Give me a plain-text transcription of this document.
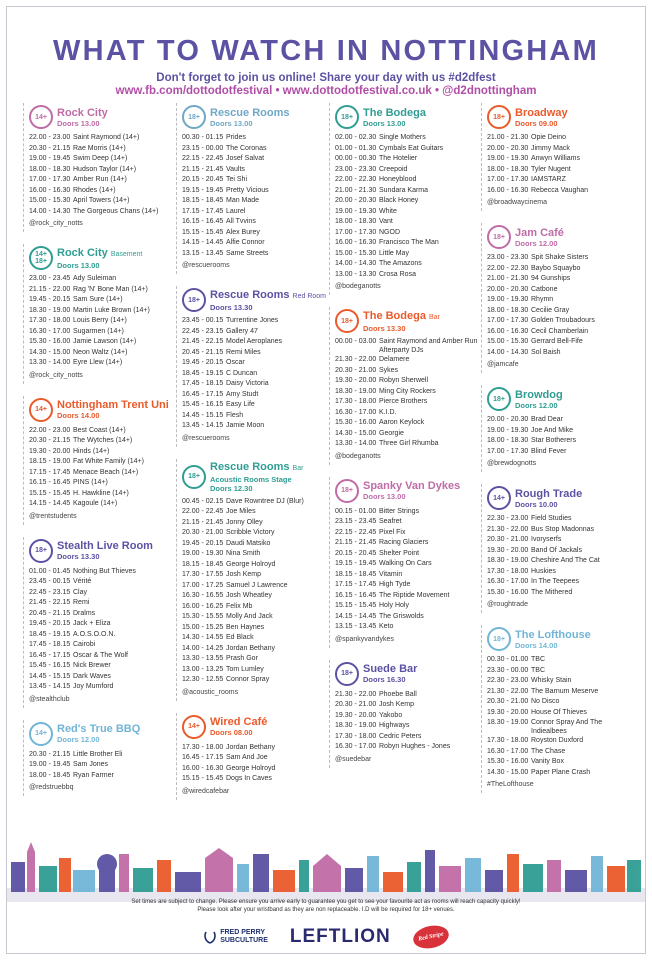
WHAT TO WATCH IN NOTTINGHAM
Don't forget to join us online! Share your day with us #d2dfest
www.fb.com/dottodotfestival • www.dottodotfestival.co.uk • @d2dnottingham
14+ Rock City
Doors 13.00
22.00 - 23.00 Saint Raymond (14+)
20.30 - 21.15 Rae Morris (14+)
19.00 - 19.45 Swim Deep (14+)
18.00 - 18.30 Hudson Taylor (14+)
17.00 - 17.30 Amber Run (14+)
16.00 - 16.30 Rhodes (14+)
15.00 - 15.30 April Towers (14+)
14.00 - 14.30 The Gorgeous Chans (14+)
@rock_city_notts
14+
18+
Rock City Basement
Doors 13.00
23.00 - 23.45 Ady Suleiman
21.15 - 22.00 Rag 'N' Bone Man (14+)
19.45 - 20.15 Sam Sure (14+)
18.30 - 19.00 Martin Luke Brown (14+)
17.30 - 18.00 Louis Berry (14+)
16.30 - 17.00 Sugarmen (14+)
15.30 - 16.00 Jamie Lawson (14+)
14.30 - 15.00 Neon Waltz (14+)
13.30 - 14.00 Eyre Llew (14+)
@rock_city_notts
14+ Nottingham Trent Uni
Doors 14.00
22.00 - 23.00 Best Coast (14+)
20.30 - 21.15 The Wytches (14+)
19.30 - 20.00 Hinds (14+)
18.15 - 19.00 Fat White Family (14+)
17.15 - 17.45 Menace Beach (14+)
16.15 - 16.45 PINS (14+)
15.15 - 15.45 H. Hawkline (14+)
14.15 - 14.45 Kagoule (14+)
@trentstudents
18+ Stealth Live Room
Doors 13.30
01.00 - 01.45 Nothing But Thieves
23.45 - 00.15 Vérité
22.45 - 23.15 Clay
21.45 - 22.15 Remi
20.45 - 21.15 Dralms
19.45 - 20.15 Jack + Eliza
18.45 - 19.15 A.O.S.O.O.N.
17.45 - 18.15 Cairobi
16.45 - 17.15 Oscar & The Wolf
15.45 - 16.15 Nick Brewer
14.45 - 15.15 Dark Waves
13.45 - 14.15 Joy Mumford
@stealthclub
14+ Red's True BBQ
Doors 12.00
20.30 - 21.15 Little Brother Eli
19.00 - 19.45 Sam Jones
18.00 - 18.45 Ryan Farmer
@redstruebbq
18+ Rescue Rooms
Doors 13.00
00.30 - 01.15 Prides
23.15 - 00.00 The Coronas
22.15 - 22.45 Josef Salvat
21.15 - 21.45 Vaults
20.15 - 20.45 Tei Shi
19.15 - 19.45 Pretty Vicious
18.15 - 18.45 Man Made
17.15 - 17.45 Laurel
16.15 - 16.45 All Tvvins
15.15 - 15.45 Alex Burey
14.15 - 14.45 Alfie Connor
13.15 - 13.45 Same Streets
@rescuerooms
18+ Rescue Rooms Red Room
Doors 13.30
23.45 - 00.15 Turrentine Jones
22.45 - 23.15 Gallery 47
21.45 - 22.15 Model Aeroplanes
20.45 - 21.15 Remi Miles
19.45 - 20.15 Oscar
18.45 - 19.15 C Duncan
17.45 - 18.15 Daisy Victoria
16.45 - 17.15 Amy Studt
15.45 - 16.15 Easy Life
14.45 - 15.15 Flesh
13.45 - 14.15 Jamie Moon
@rescuerooms
18+
Rescue Rooms Bar
Acoustic Rooms Stage
Doors 12.30
00.45 - 02.15 Dave Rowntree DJ (Blur)
22.00 - 22.45 Joe Miles
21.15 - 21.45 Jonny Olley
20.30 - 21.00 Scribble Victory
19.45 - 20.15 Daudi Matsiko
19.00 - 19.30 Nina Smith
18.15 - 18.45 George Holroyd
17.30 - 17.55 Josh Kemp
17.00 - 17.25 Samuel J Lawrence
16.30 - 16.55 Josh Wheatley
16.00 - 16.25 Felix Mb
15.30 - 15.55 Molly And Jack
15.00 - 15.25 Ben Haynes
14.30 - 14.55 Ed Black
14.00 - 14.25 Jordan Bethany
13.30 - 13.55 Prash Gor
13.00 - 13.25 Tom Lumley
12.30 - 12.55 Connor Spray
@acoustic_rooms
14+ Wired Café
Doors 08.00
17.30 - 18.00 Jordan Bethany
16.45 - 17.15 Sam And Joe
16.00 - 16.30 George Holroyd
15.15 - 15.45 Dogs In Caves
@wiredcafebar
18+ The Bodega
Doors 13.00
02.00 - 02.30 Single Mothers
01.00 - 01.30 Cymbals Eat Guitars
00.00 - 00.30 The Hotelier
23.00 - 23.30 Creepoid
22.00 - 22.30 Honeyblood
21.00 - 21.30 Sundara Karma
20.00 - 20.30 Black Honey
19.00 - 19.30 White
18.00 - 18.30 Vant
17.00 - 17.30 NGOD
16.00 - 16.30 Francisco The Man
15.00 - 15.30 Little May
14.00 - 14.30 The Amazons
13.00 - 13.30 Crosa Rosa
@bodeganotts
18+ The Bodega Bar
Doors 13.30
00.00 - 03.00 Saint Raymond and Amber Run Afterparty DJs
21.30 - 22.00 Delamere
20.30 - 21.00 Sykes
19.30 - 20.00 Robyn Sherwell
18.30 - 19.00 Ming City Rockers
17.30 - 18.00 Pierce Brothers
16.30 - 17.00 K.I.D.
15.30 - 16.00 Aaron Keylock
14.30 - 15.00 Georgie
13.30 - 14.00 Three Girl Rhumba
@bodeganotts
18+ Spanky Van Dykes
Doors 13.00
00.15 - 01.00 Bitter Strings
23.15 - 23.45 Seafret
22.15 - 22.45 Pixel Fix
21.15 - 21.45 Racing Glaciers
20.15 - 20.45 Shelter Point
19.15 - 19.45 Walking On Cars
18.15 - 18.45 Vitamin
17.15 - 17.45 High Tyde
16.15 - 16.45 The Riptide Movement
15.15 - 15.45 Holy Holy
14.15 - 14.45 The Griswolds
13.15 - 13.45 Keto
@spankyvandykes
18+ Suede Bar
Doors 16.30
21.30 - 22.00 Phoebe Ball
20.30 - 21.00 Josh Kemp
19.30 - 20.00 Yakobo
18.30 - 19.00 Highways
17.30 - 18.00 Cedric Peters
16.30 - 17.00 Robyn Hughes - Jones
@suedebar
18+ Broadway
Doors 09.00
21.00 - 21.30 Opie Deino
20.00 - 20.30 Jimmy Mack
19.00 - 19.30 Anwyn Williams
18.00 - 18.30 Tyler Nugent
17.00 - 17.30 IAMSTARZ
16.00 - 16.30 Rebecca Vaughan
@broadwaycinema
18+ Jam Café
Doors 12.00
23.00 - 23.30 Spit Shake Sisters
22.00 - 22.30 Baybo Squaybo
21.00 - 21.30 94 Gunships
20.00 - 20.30 Catbone
19.00 - 19.30 Rhymn
18.00 - 18.30 Cecilie Gray
17.00 - 17.30 Golden Troubadours
16.00 - 16.30 Cecil Chamberlain
15.00 - 15.30 Gerrard Bell-Fife
14.00 - 14.30 Sol Baish
@jamcafe
18+ Browdog
Doors 12.00
20.00 - 20.30 Brad Dear
19.00 - 19.30 Joe And Mike
18.00 - 18.30 Star Botherers
17.00 - 17.30 Blind Fever
@brewdognotts
14+ Rough Trade
Doors 10.00
22.30 - 23.00 Field Studies
21.30 - 22.00 Bus Stop Madonnas
20.30 - 21.00 Ivoryserfs
19.30 - 20.00 Band Of Jackals
18.30 - 19.00 Cheshire And The Cat
17.30 - 18.00 Huskies
16.30 - 17.00 In The Teepees
15.30 - 16.00 The Mithered
@roughtrade
18+ The Lofthouse
Doors 14.00
00.30 - 01.00 TBC
23.30 - 00.00 TBC
22.30 - 23.00 Whisky Stain
21.30 - 22.00 The Barnum Meserve
20.30 - 21.00 No Disco
19.30 - 20.00 House Of Thieves
18.30 - 19.00 Connor Spray And The Indiealbees
17.30 - 18.00 Royston Duxford
16.30 - 17.00 The Chase
15.30 - 16.00 Vanity Box
14.30 - 15.00 Paper Plane Crash
#TheLofthouse
Set times are subject to change. Please ensure you arrive early to guarantee you get to see your favourite act as rooms will reach capacity quickly!
Please look after your wristband as they are non replaceable. I.D will be required for 18+ venues.
FRED PERRY
SUBCULTURE LEFTLION	Red Stripe
